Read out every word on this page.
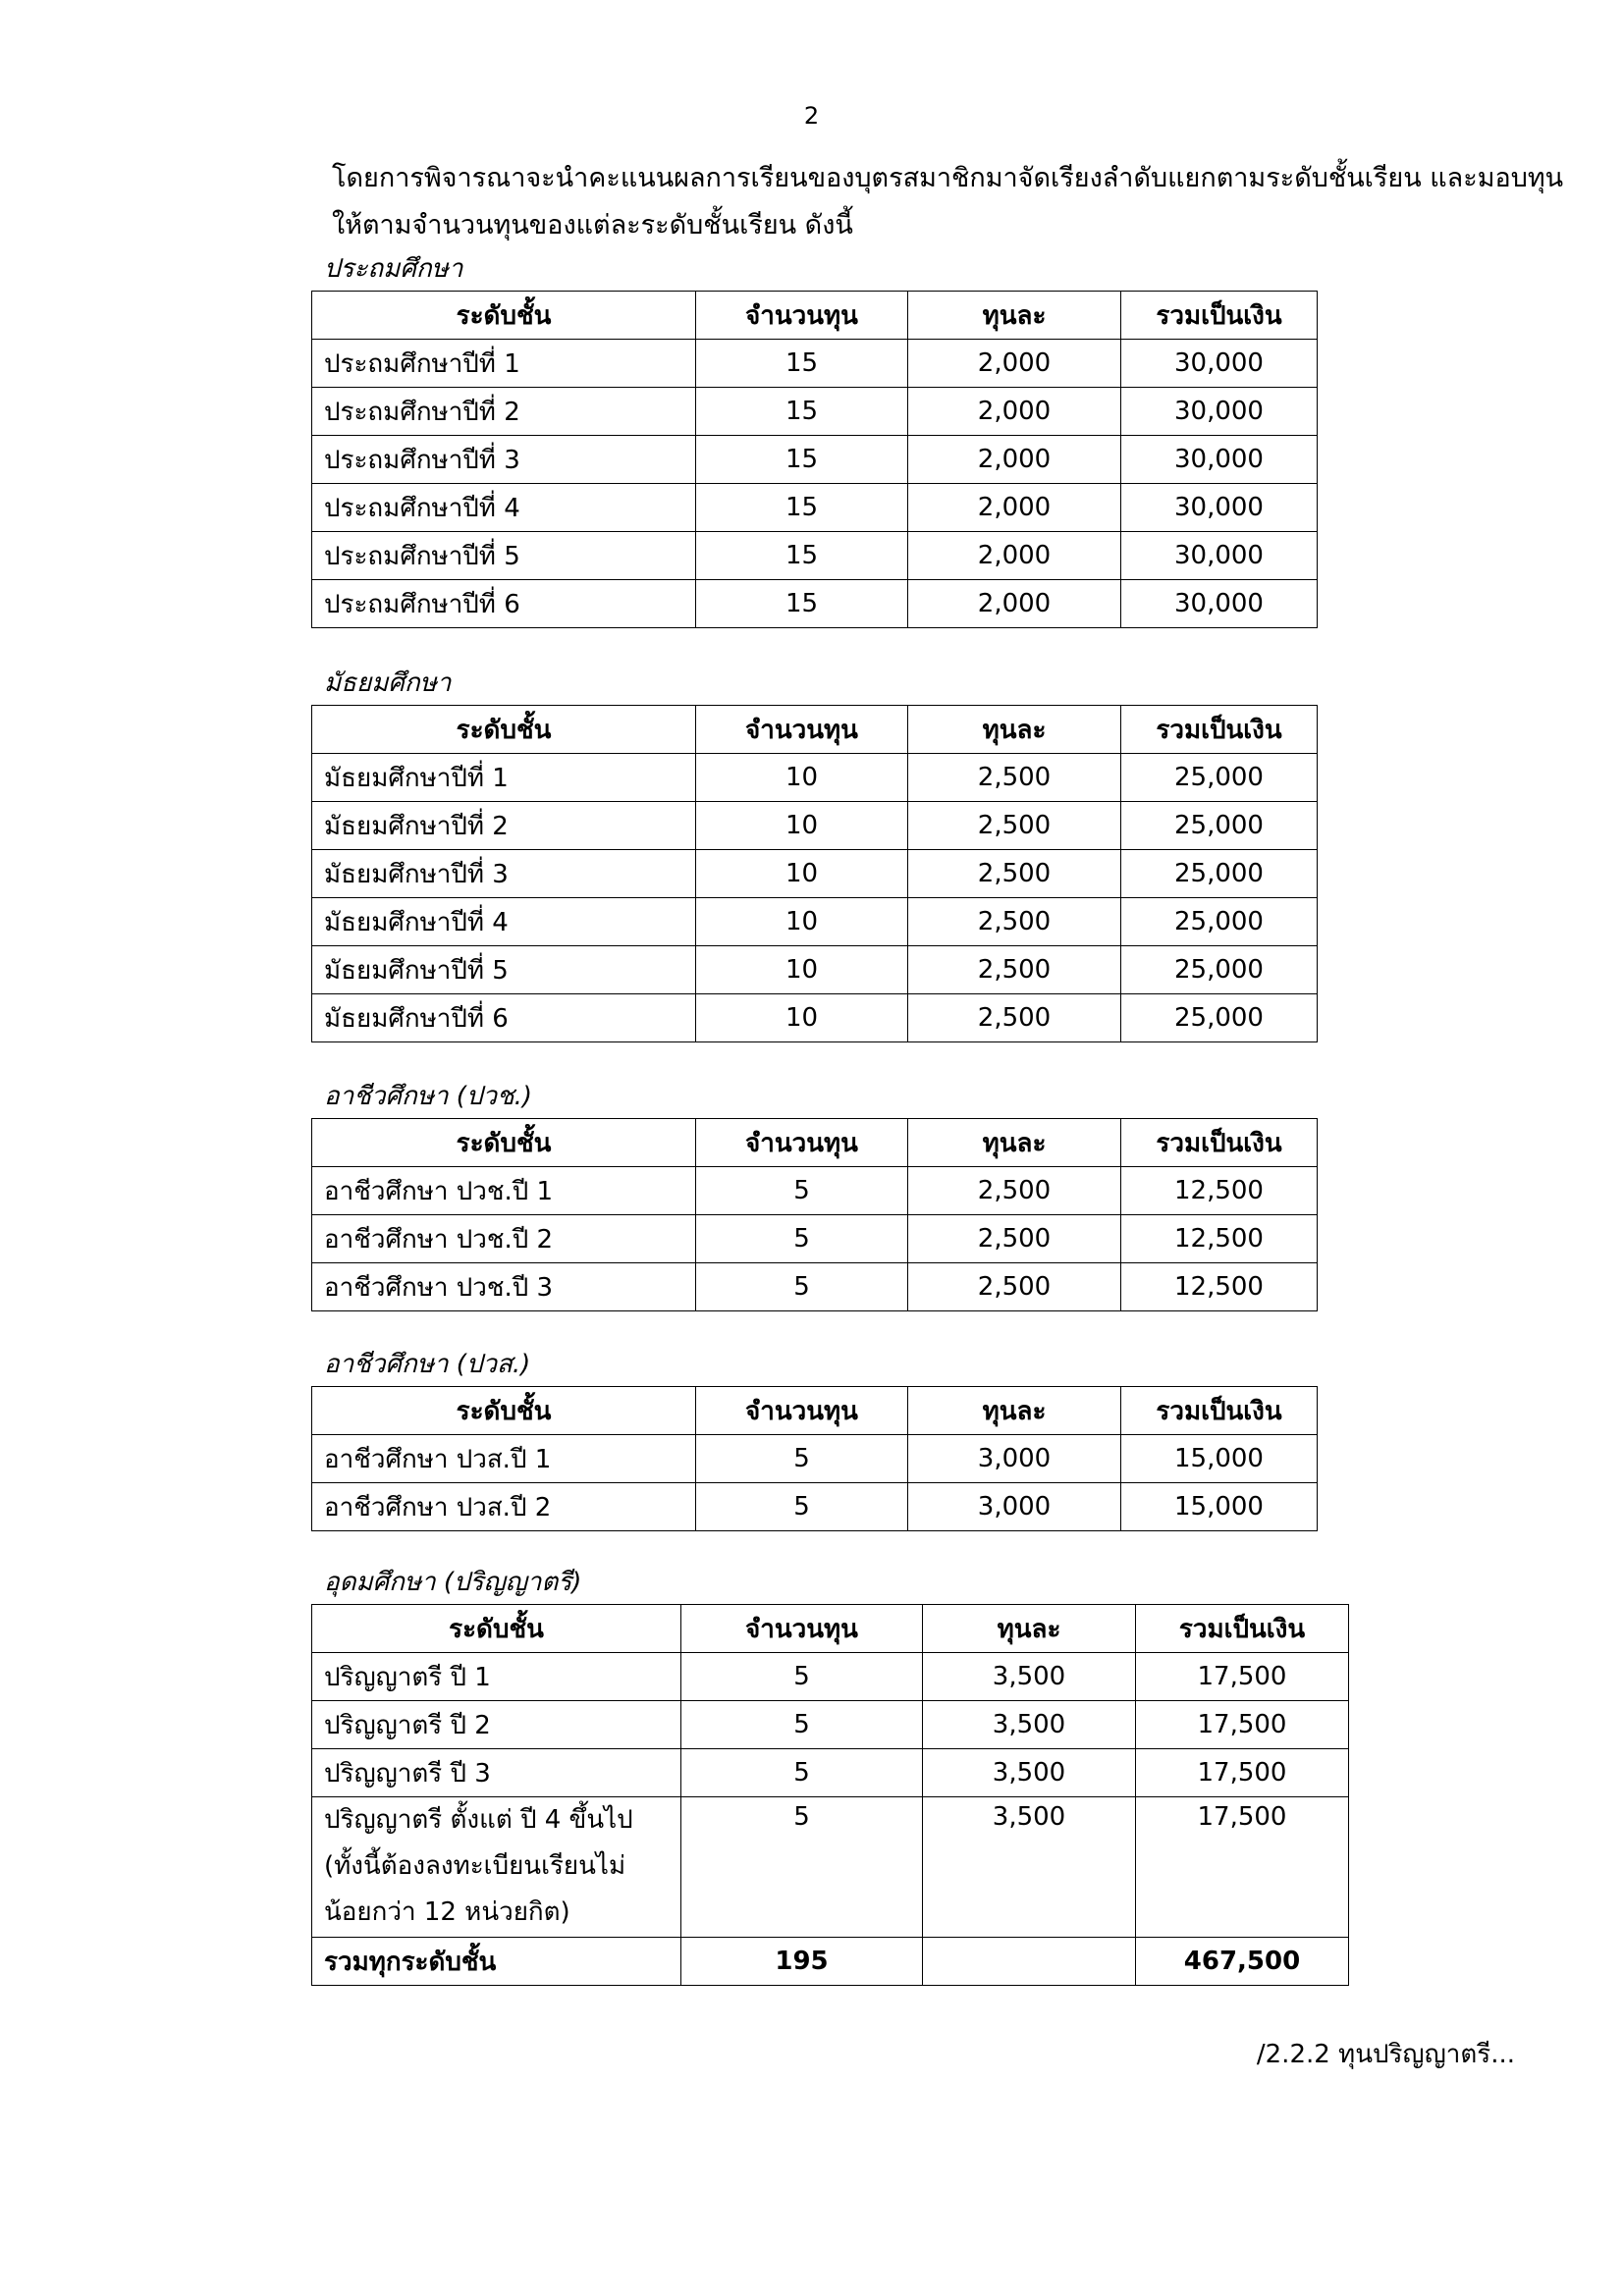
2

โดยการพิจารณาจะนำคะแนนผลการเรียนของบุตรสมาชิกมาจัดเรียงลำดับแยกตามระดับชั้นเรียน และมอบทุน

ให้ตามจำนวนทุนของแต่ละระดับชั้นเรียน ดังนี้

ประถมศึกษา
ระดับชั้น	จำนวนทุน	ทุนละ	รวมเป็นเงิน
ประถมศึกษาปีที่ 1	15	2,000	30,000
ประถมศึกษาปีที่ 2	15	2,000	30,000
ประถมศึกษาปีที่ 3	15	2,000	30,000
ประถมศึกษาปีที่ 4	15	2,000	30,000
ประถมศึกษาปีที่ 5	15	2,000	30,000
ประถมศึกษาปีที่ 6	15	2,000	30,000
มัธยมศึกษา
ระดับชั้น	จำนวนทุน	ทุนละ	รวมเป็นเงิน
มัธยมศึกษาปีที่ 1	10	2,500	25,000
มัธยมศึกษาปีที่ 2	10	2,500	25,000
มัธยมศึกษาปีที่ 3	10	2,500	25,000
มัธยมศึกษาปีที่ 4	10	2,500	25,000
มัธยมศึกษาปีที่ 5	10	2,500	25,000
มัธยมศึกษาปีที่ 6	10	2,500	25,000
อาชีวศึกษา (ปวช.)
ระดับชั้น	จำนวนทุน	ทุนละ	รวมเป็นเงิน
อาชีวศึกษา ปวช.ปี 1	5	2,500	12,500
อาชีวศึกษา ปวช.ปี 2	5	2,500	12,500
อาชีวศึกษา ปวช.ปี 3	5	2,500	12,500
อาชีวศึกษา (ปวส.)
ระดับชั้น	จำนวนทุน	ทุนละ	รวมเป็นเงิน
อาชีวศึกษา ปวส.ปี 1	5	3,000	15,000
อาชีวศึกษา ปวส.ปี 2	5	3,000	15,000
อุดมศึกษา (ปริญญาตรี)
ระดับชั้น	จำนวนทุน	ทุนละ	รวมเป็นเงิน
ปริญญาตรี ปี 1	5	3,500	17,500
ปริญญาตรี ปี 2	5	3,500	17,500
ปริญญาตรี ปี 3	5	3,500	17,500

ปริญญาตรี ตั้งแต่ ปี 4 ขึ้นไป
(ทั้งนี้ต้องลงทะเบียนเรียนไม่
น้อยกว่า 12 หน่วยกิต)	5	3,500	17,500
รวมทุกระดับชั้น	195		467,500
/2.2.2 ทุนปริญญาตรี...
